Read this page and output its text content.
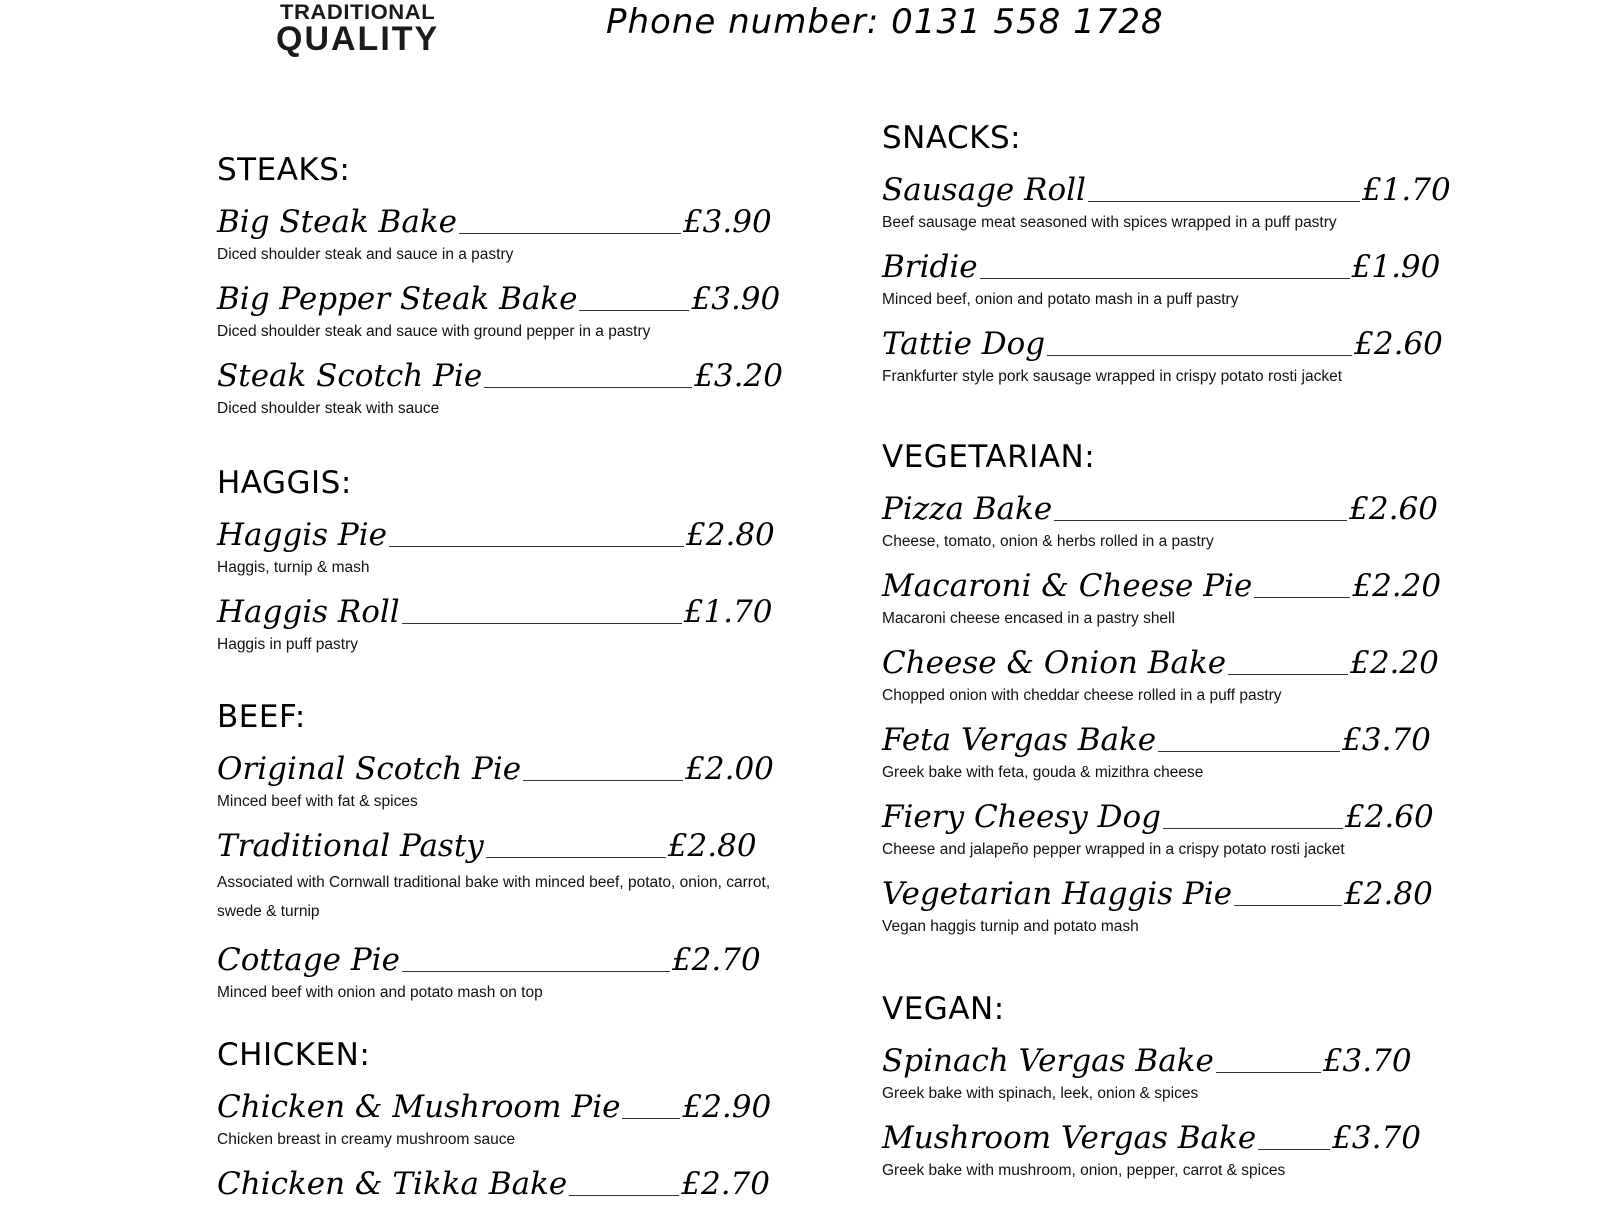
TRADITIONAL
QUALITY	Phone number: 0131 558 1728
STEAKS:
Big Steak Bake	£3.90
Diced shoulder steak and sauce in a pastry
Big Pepper Steak Bake	£3.90
Diced shoulder steak and sauce with ground pepper in a pastry
Steak Scotch Pie	£3.20
Diced shoulder steak with sauce
HAGGIS:
Haggis Pie	£2.80
Haggis, turnip & mash
Haggis Roll	£1.70
Haggis in puff pastry
BEEF:
Original Scotch Pie	£2.00
Minced beef with fat & spices
Traditional Pasty	£2.80
Associated with Cornwall traditional bake with minced beef, potato, onion, carrot, swede & turnip
Cottage Pie	£2.70
Minced beef with onion and potato mash on top
CHICKEN:
Chicken & Mushroom Pie £2.90
Chicken breast in creamy mushroom sauce
Chicken & Tikka Bake	£2.70
SNACKS:
Sausage Roll	£1.70
Beef sausage meat seasoned with spices wrapped in a puff pastry
Bridie	£1.90
Minced beef, onion and potato mash in a puff pastry
Tattie Dog	£2.60
Frankfurter style pork sausage wrapped in crispy potato rosti jacket
VEGETARIAN:
Pizza Bake	£2.60
Cheese, tomato, onion & herbs rolled in a pastry
Macaroni & Cheese Pie	£2.20
Macaroni cheese encased in a pastry shell
Cheese & Onion Bake	£2.20
Chopped onion with cheddar cheese rolled in a puff pastry
Feta Vergas Bake	£3.70
Greek bake with feta, gouda & mizithra cheese
Fiery Cheesy Dog	£2.60
Cheese and jalapeño pepper wrapped in a crispy potato rosti jacket
Vegetarian Haggis Pie	£2.80
Vegan haggis turnip and potato mash
VEGAN:
Spinach Vergas Bake	£3.70
Greek bake with spinach, leek, onion & spices
Mushroom Vergas Bake £3.70
Greek bake with mushroom, onion, pepper, carrot & spices
